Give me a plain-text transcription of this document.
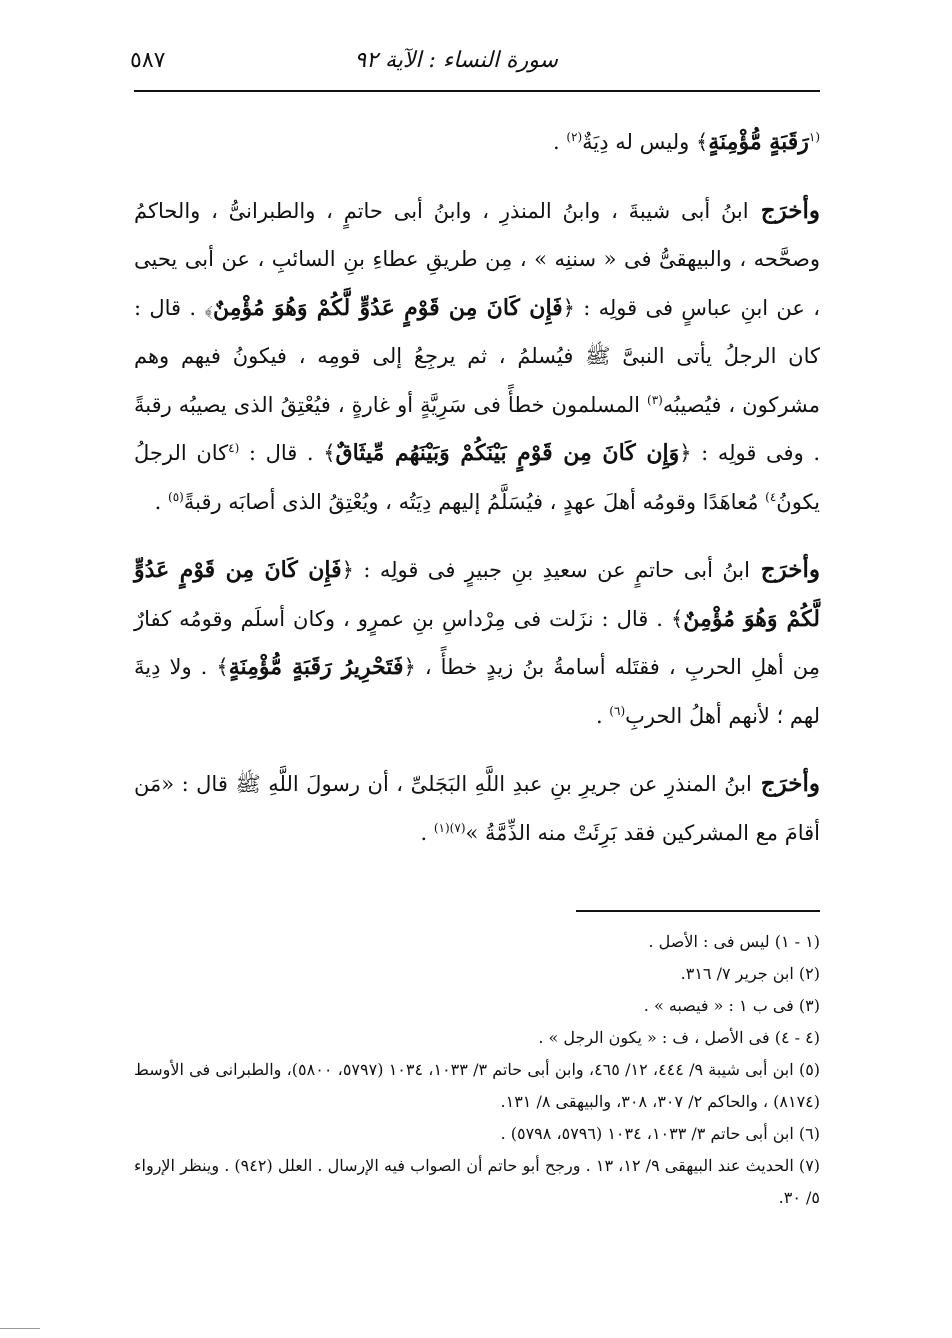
سورة النساء : الآية ٩٢
٥٨٧

$^{(١}$رَقَبَةٍ مُّؤْمِنَةٍ﴾ وليس له دِيَةٌ$^{(٢)}$ .

وأخرَج ابنُ أبى شيبةَ ، وابنُ المنذرِ ، وابنُ أبى حاتمٍ ، والطبرانىُّ ، والحاكمُ وصحَّحه ، والبيهقىُّ فى « سننِه » ، مِن طريقِ عطاءِ بنِ السائبِ ، عن أبى يحيى ، عن ابنِ عباسٍ فى قولِه : ﴿فَإِن كَانَ مِن قَوْمٍ عَدُوٍّ لَّكُمْ وَهُوَ مُؤْمِنٌ﴾ . قال : كان الرجلُ يأتى النبىَّ ﷺ فيُسلمُ ، ثم يرجِعُ إلى قومِه ، فيكونُ فيهم وهم مشركون ، فيُصيبُه$^{(٣)}$ المسلمون خطأً فى سَرِيَّةٍ أو غارةٍ ، فيُعْتِقُ الذى يصيبُه رقبةً . وفى قولِه : ﴿وَإِن كَانَ مِن قَوْمٍ بَيْنَكُمْ وَبَيْنَهُم مِّيثَاقٌ﴾ . قال : $^{(٤}$كان الرجلُ يكونُ$^{٤)}$ مُعاهَدًا وقومُه أهلَ عهدٍ ، فيُسَلَّمُ إليهم دِيَتُه ، ويُعْتِقُ الذى أصابَه رقبةً$^{(٥)}$ .

وأخرَج ابنُ أبى حاتمٍ عن سعيدِ بنِ جبيرٍ فى قولِه : ﴿فَإِن كَانَ مِن قَوْمٍ عَدُوٍّ لَّكُمْ وَهُوَ مُؤْمِنٌ﴾ . قال : نزَلت فى مِرْداسِ بنِ عمرٍو ، وكان أسلَم وقومُه كفارٌ مِن أهلِ الحربِ ، فقتَله أسامةُ بنُ زيدٍ خطأً ، ﴿فَتَحْرِيرُ رَقَبَةٍ مُّؤْمِنَةٍ﴾ . ولا دِيةَ لهم ؛ لأنهم أهلُ الحربِ$^{(٦)}$ .

وأخرَج ابنُ المنذرِ عن جريرِ بنِ عبدِ اللَّهِ البَجَلىِّ ، أن رسولَ اللَّهِ ﷺ قال : «مَن أقامَ مع المشركين فقد بَرِئَتْ منه الذِّمَّةُ »$^{(٧)(١)}$ .

(١ - ١) ليس فى : الأصل .
(٢) ابن جرير ٧/ ٣١٦.
(٣) فى ب ١ : « فيصبه » .
(٤ - ٤) فى الأصل ، ف : « يكون الرجل » .
(٥) ابن أبى شيبة ٩/ ٤٤٤، ١٢/ ٤٦٥، وابن أبى حاتم ٣/ ١٠٣٣، ١٠٣٤ (٥٧٩٧، ٥٨٠٠)، والطبرانى فى الأوسط (٨١٧٤) ، والحاكم ٢/ ٣٠٧، ٣٠٨، والبيهقى ٨/ ١٣١.
(٦) ابن أبى حاتم ٣/ ١٠٣٣، ١٠٣٤ (٥٧٩٦، ٥٧٩٨) .
(٧) الحديث عند البيهقى ٩/ ١٢، ١٣ . ورجح أبو حاتم أن الصواب فيه الإرسال . العلل (٩٤٢) . وينظر الإرواء ٥/ ٣٠.
